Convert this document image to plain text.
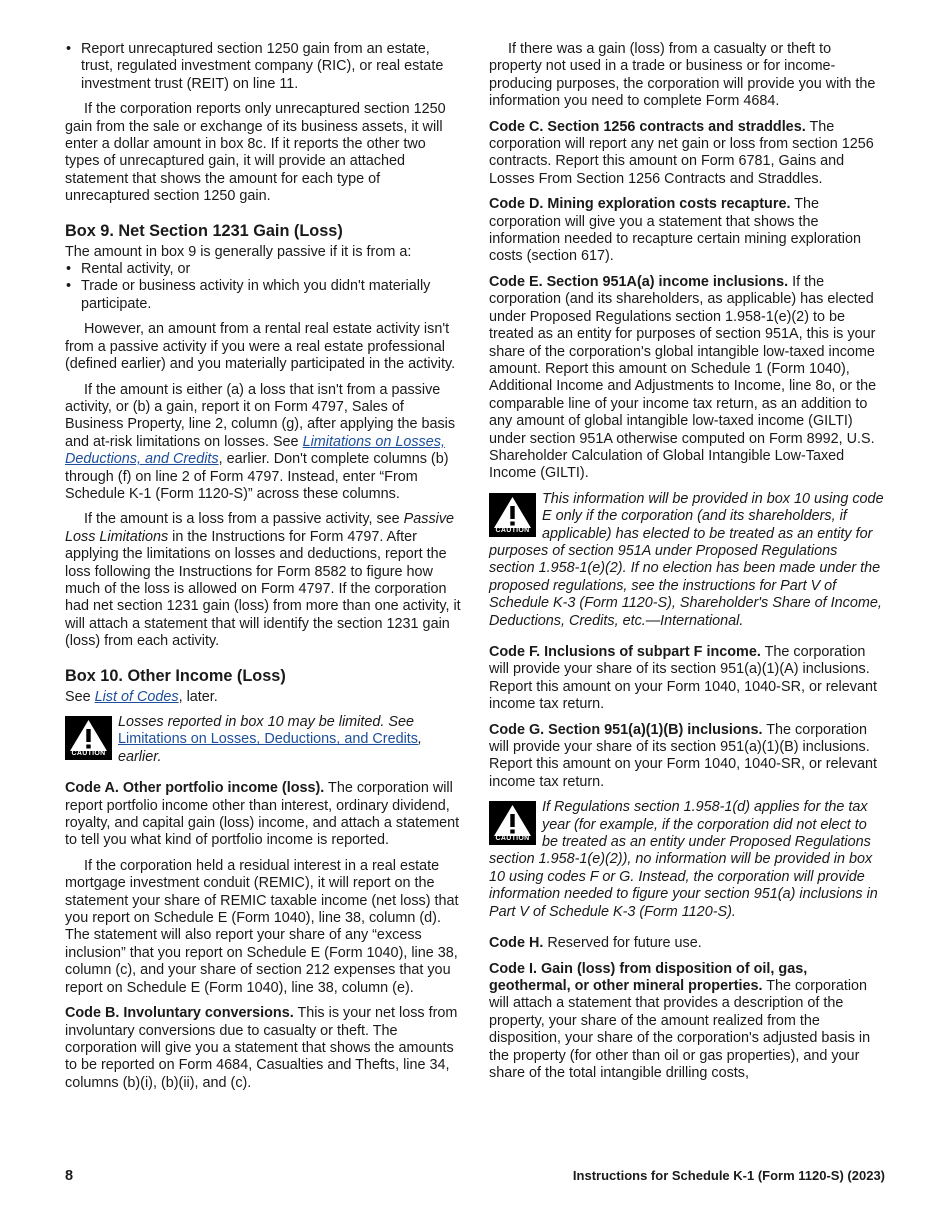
• Report unrecaptured section 1250 gain from an estate, trust, regulated investment company (RIC), or real estate investment trust (REIT) on line 11.

If the corporation reports only unrecaptured section 1250 gain from the sale or exchange of its business assets, it will enter a dollar amount in box 8c. If it reports the other two types of unrecaptured gain, it will provide an attached statement that shows the amount for each type of unrecaptured section 1250 gain.

Box 9. Net Section 1231 Gain (Loss)

The amount in box 9 is generally passive if it is from a:

• Rental activity, or

• Trade or business activity in which you didn't materially participate.

However, an amount from a rental real estate activity isn't from a passive activity if you were a real estate professional (defined earlier) and you materially participated in the activity.

If the amount is either (a) a loss that isn't from a passive activity, or (b) a gain, report it on Form 4797, Sales of Business Property, line 2, column (g), after applying the basis and at-risk limitations on losses. See Limitations on Losses, Deductions, and Credits, earlier. Don't complete columns (b) through (f) on line 2 of Form 4797. Instead, enter “From Schedule K-1 (Form 1120-S)” across these columns.

If the amount is a loss from a passive activity, see Passive Loss Limitations in the Instructions for Form 4797. After applying the limitations on losses and deductions, report the loss following the Instructions for Form 8582 to figure how much of the loss is allowed on Form 4797. If the corporation had net section 1231 gain (loss) from more than one activity, it will attach a statement that will identify the section 1231 gain (loss) from each activity.

Box 10. Other Income (Loss)

See List of Codes, later.

CAUTION
Losses reported in box 10 may be limited. See Limitations on Losses, Deductions, and Credits, earlier.

Code A. Other portfolio income (loss). The corporation will report portfolio income other than interest, ordinary dividend, royalty, and capital gain (loss) income, and attach a statement to tell you what kind of portfolio income is reported.

If the corporation held a residual interest in a real estate mortgage investment conduit (REMIC), it will report on the statement your share of REMIC taxable income (net loss) that you report on Schedule E (Form 1040), line 38, column (d). The statement will also report your share of any “excess inclusion” that you report on Schedule E (Form 1040), line 38, column (c), and your share of section 212 expenses that you report on Schedule E (Form 1040), line 38, column (e).

Code B. Involuntary conversions. This is your net loss from involuntary conversions due to casualty or theft. The corporation will give you a statement that shows the amounts to be reported on Form 4684, Casualties and Thefts, line 34, columns (b)(i), (b)(ii), and (c).

If there was a gain (loss) from a casualty or theft to property not used in a trade or business or for income-producing purposes, the corporation will provide you with the information you need to complete Form 4684.

Code C. Section 1256 contracts and straddles. The corporation will report any net gain or loss from section 1256 contracts. Report this amount on Form 6781, Gains and Losses From Section 1256 Contracts and Straddles.

Code D. Mining exploration costs recapture. The corporation will give you a statement that shows the information needed to recapture certain mining exploration costs (section 617).

Code E. Section 951A(a) income inclusions. If the corporation (and its shareholders, as applicable) has elected under Proposed Regulations section 1.958-1(e)(2) to be treated as an entity for purposes of section 951A, this is your share of the corporation's global intangible low-taxed income amount. Report this amount on Schedule 1 (Form 1040), Additional Income and Adjustments to Income, line 8o, or the comparable line of your income tax return, as an addition to any amount of global intangible low-taxed income (GILTI) under section 951A otherwise computed on Form 8992, U.S. Shareholder Calculation of Global Intangible Low-Taxed Income (GILTI).

CAUTION
This information will be provided in box 10 using code E only if the corporation (and its shareholders, if applicable) has elected to be treated as an entity for purposes of section 951A under Proposed Regulations section 1.958-1(e)(2). If no election has been made under the proposed regulations, see the instructions for Part V of Schedule K-3 (Form 1120-S), Shareholder's Share of Income, Deductions, Credits, etc.—International.

Code F. Inclusions of subpart F income. The corporation will provide your share of its section 951(a)(1)(A) inclusions. Report this amount on your Form 1040, 1040-SR, or relevant income tax return.

Code G. Section 951(a)(1)(B) inclusions. The corporation will provide your share of its section 951(a)(1)(B) inclusions. Report this amount on your Form 1040, 1040-SR, or relevant income tax return.

CAUTION
If Regulations section 1.958-1(d) applies for the tax year (for example, if the corporation did not elect to be treated as an entity under Proposed Regulations section 1.958-1(e)(2)), no information will be provided in box 10 using codes F or G. Instead, the corporation will provide information needed to figure your section 951(a) inclusions in Part V of Schedule K-3 (Form 1120-S).

Code H. Reserved for future use.

Code I. Gain (loss) from disposition of oil, gas, geothermal, or other mineral properties. The corporation will attach a statement that provides a description of the property, your share of the amount realized from the disposition, your share of the corporation's adjusted basis in the property (for other than oil or gas properties), and your share of the total intangible drilling costs,

8	Instructions for Schedule K-1 (Form 1120-S) (2023)
